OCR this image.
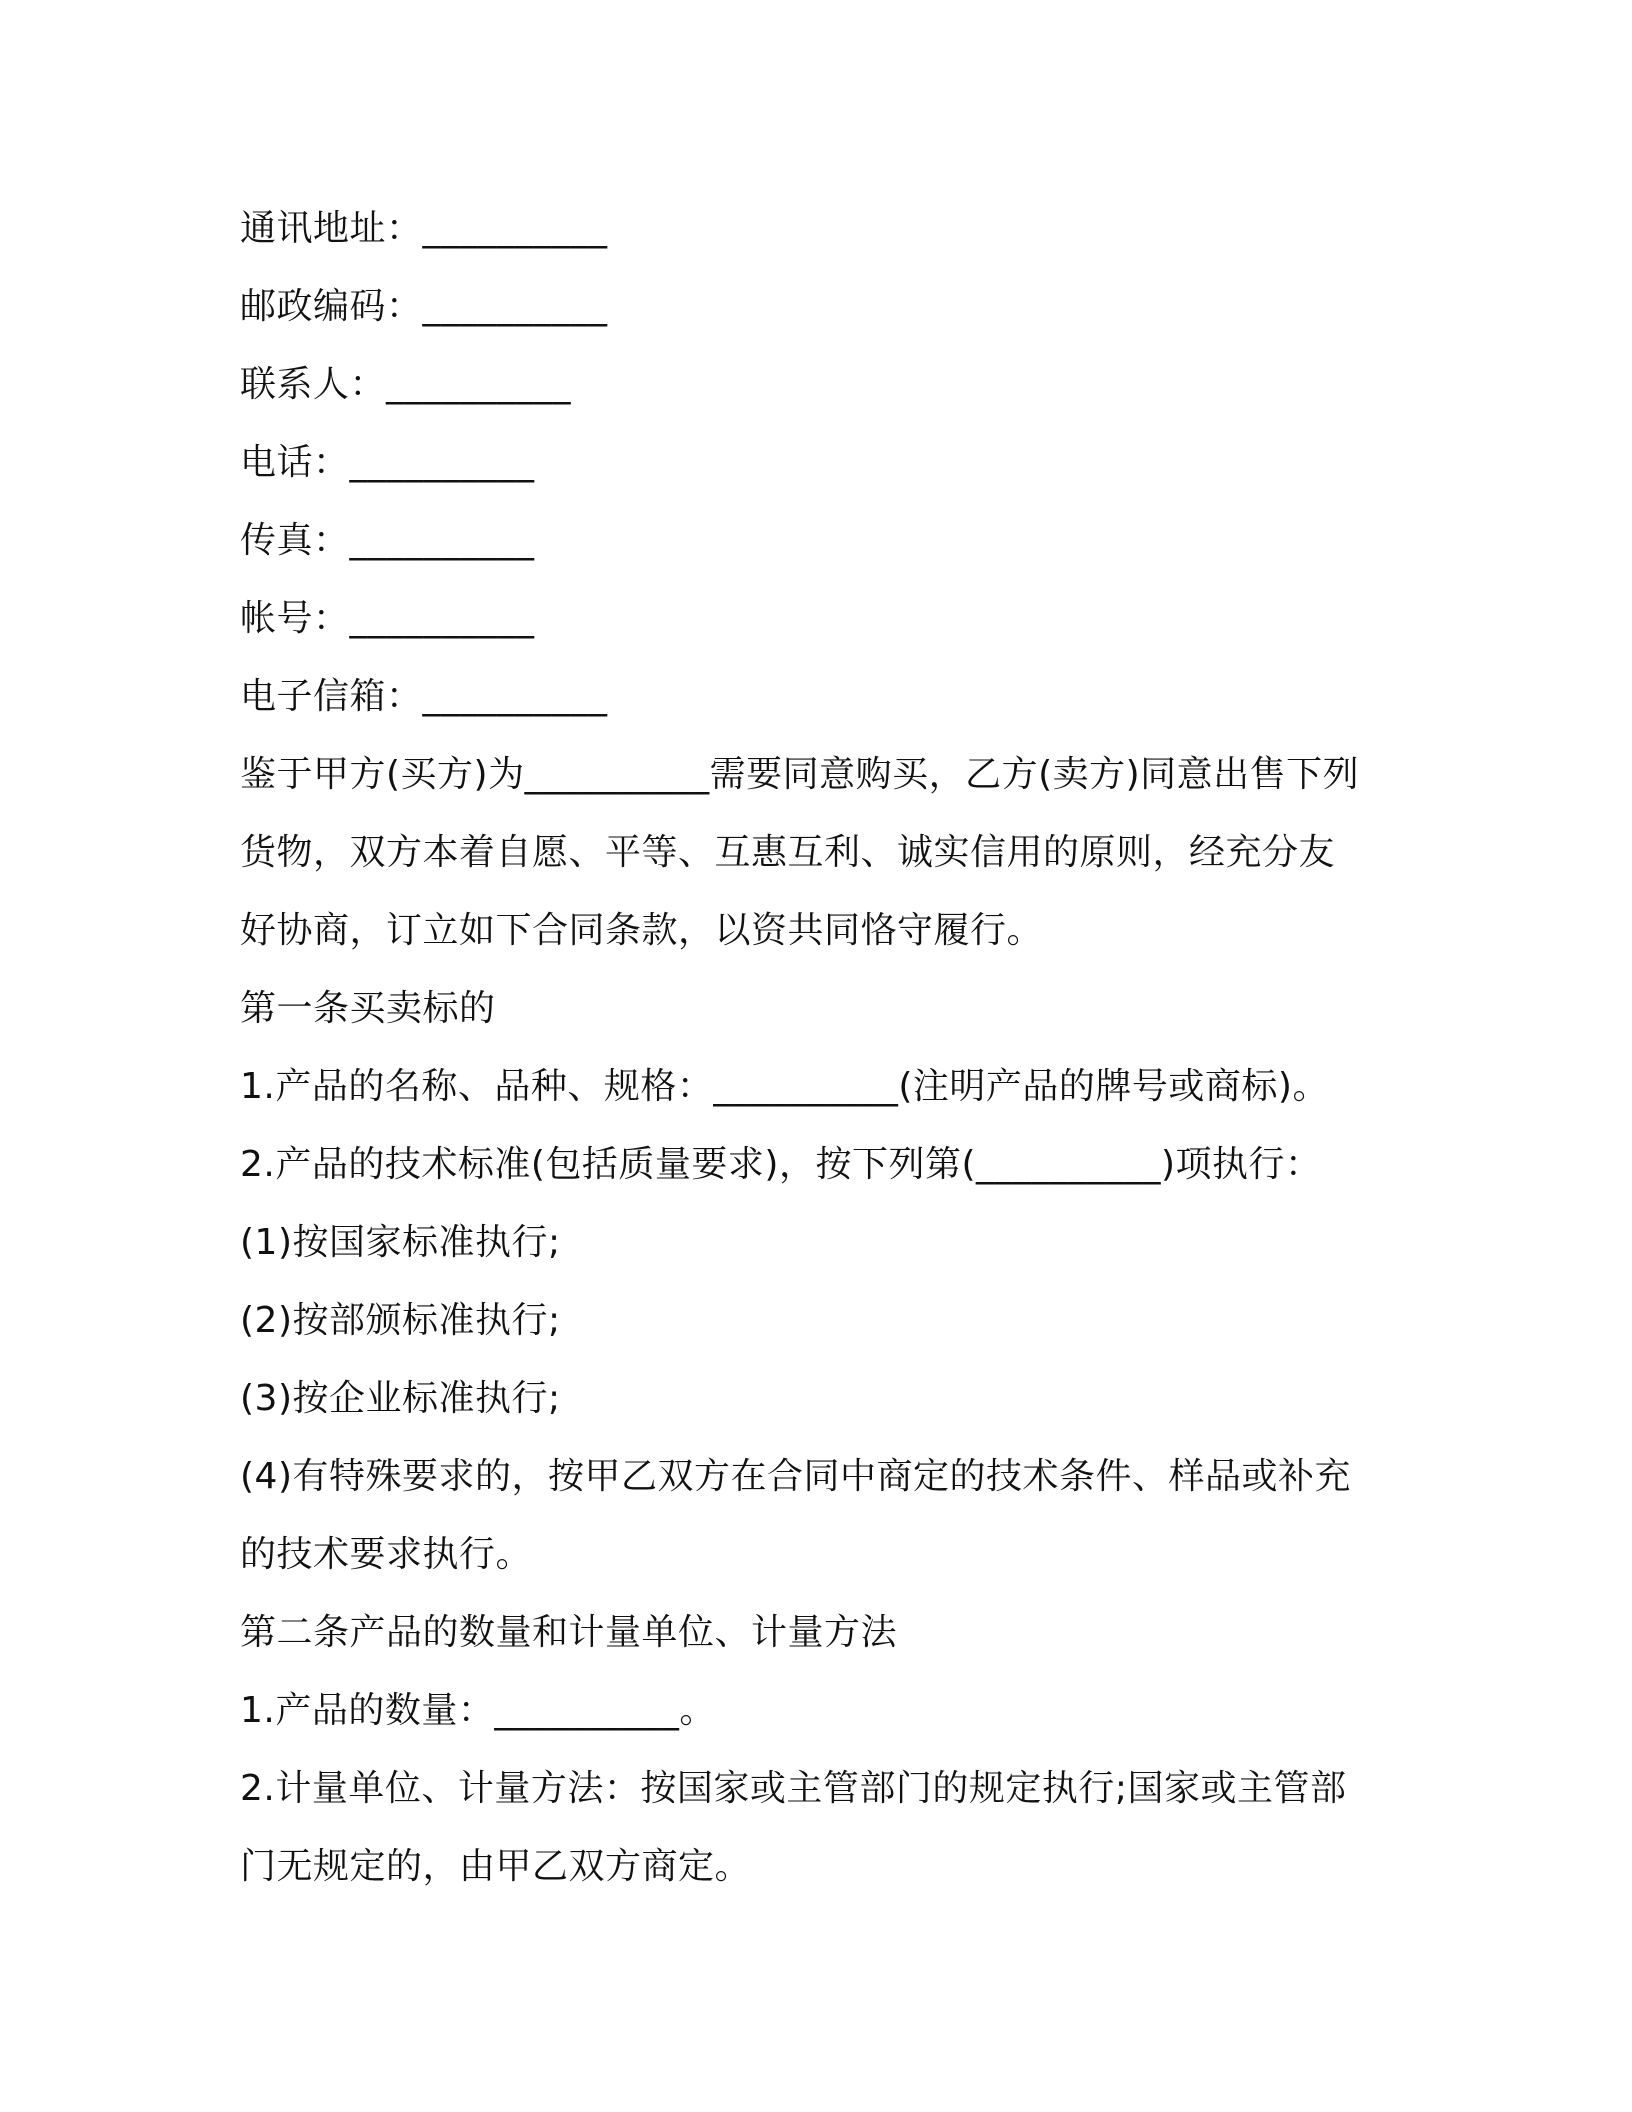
通讯地址：__________
邮政编码：__________
联系人：__________
电话：__________
传真：__________
帐号：__________
电子信箱：__________
鉴于甲方(买方)为__________需要同意购买，乙方(卖方)同意出售下列
货物，双方本着自愿、平等、互惠互利、诚实信用的原则，经充分友
好协商，订立如下合同条款，以资共同恪守履行。
第一条买卖标的
1.产品的名称、品种、规格：__________(注明产品的牌号或商标)。
2.产品的技术标准(包括质量要求)，按下列第(__________)项执行：
(1)按国家标准执行;
(2)按部颁标准执行;
(3)按企业标准执行;
(4)有特殊要求的，按甲乙双方在合同中商定的技术条件、样品或补充
的技术要求执行。
第二条产品的数量和计量单位、计量方法
1.产品的数量：__________。
2.计量单位、计量方法：按国家或主管部门的规定执行;国家或主管部
门无规定的，由甲乙双方商定。
